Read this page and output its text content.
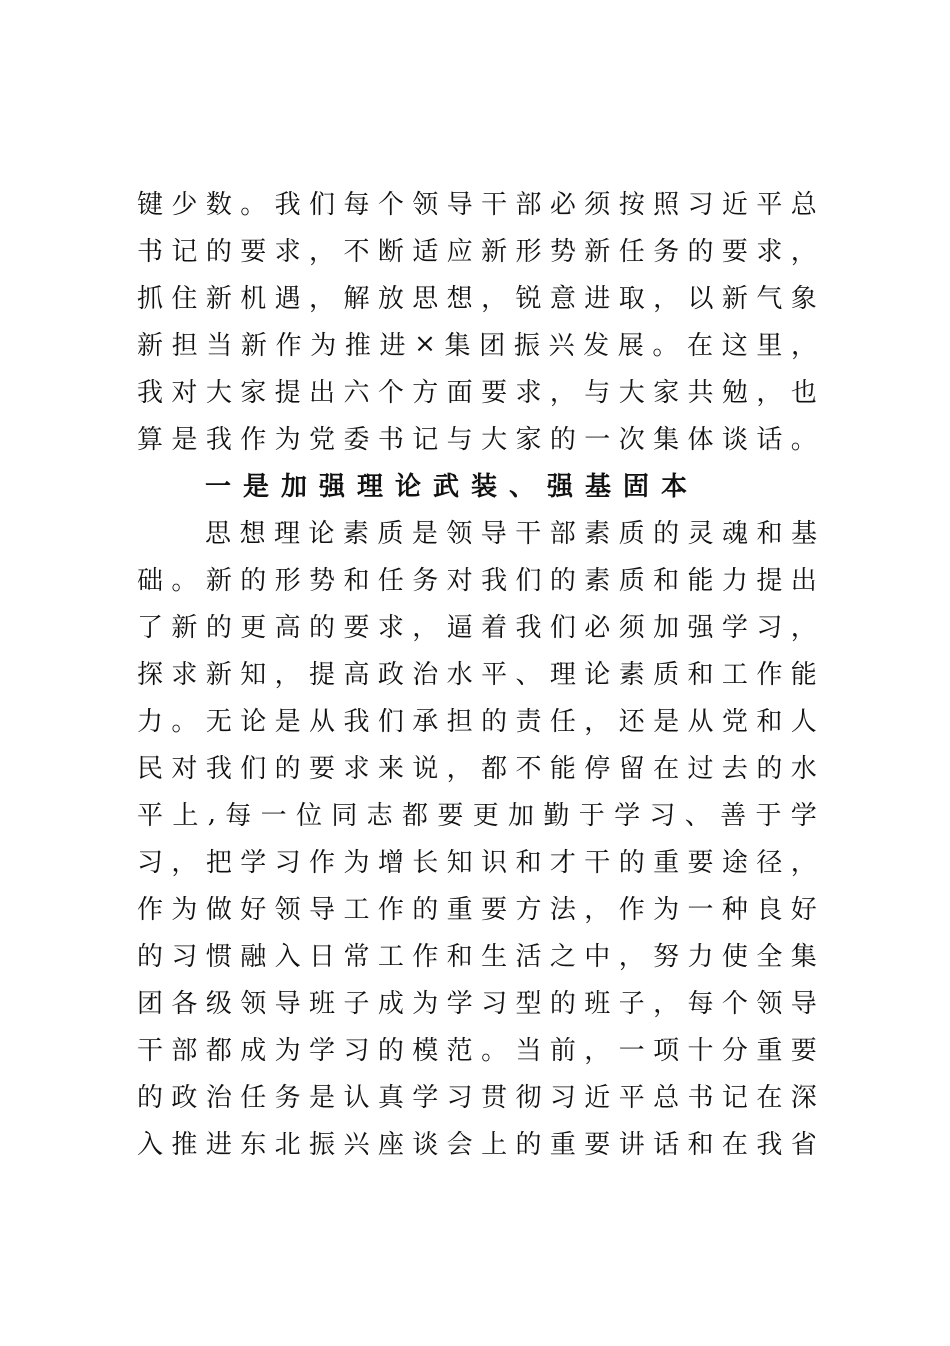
键 少 数 。 我 们 每 个 领 导 干 部 必 须 按 照 习 近 平 总
书 记 的 要 求 ， 不 断 适 应 新 形 势 新 任 务 的 要 求 ，
抓 住 新 机 遇 ， 解 放 思 想 ， 锐 意 进 取 ， 以 新 气 象
新 担 当 新 作 为 推 进 × 集 团 振 兴 发 展 。 在 这 里 ，
我 对 大 家 提 出 六 个 方 面 要 求 ， 与 大 家 共 勉 ， 也
算 是 我 作 为 党 委 书 记 与 大 家 的 一 次 集 体 谈 话 。
一是加强理论武装、强基固本
思 想 理 论 素 质 是 领 导 干 部 素 质 的 灵 魂 和 基
础 。 新 的 形 势 和 任 务 对 我 们 的 素 质 和 能 力 提 出
了 新 的 更 高 的 要 求 ， 逼 着 我 们 必 须 加 强 学 习 ，
探 求 新 知 ， 提 高 政 治 水 平 、 理 论 素 质 和 工 作 能
力 。 无 论 是 从 我 们 承 担 的 责 任 ， 还 是 从 党 和 人
民 对 我 们 的 要 求 来 说 ， 都 不 能 停 留 在 过 去 的 水
平 上 , 每 一 位 同 志 都 要 更 加 勤 于 学 习 、 善 于 学
习 ， 把 学 习 作 为 增 长 知 识 和 才 干 的 重 要 途 径 ，
作 为 做 好 领 导 工 作 的 重 要 方 法 ， 作 为 一 种 良 好
的 习 惯 融 入 日 常 工 作 和 生 活 之 中 ， 努 力 使 全 集
团 各 级 领 导 班 子 成 为 学 习 型 的 班 子 ， 每 个 领 导
干 部 都 成 为 学 习 的 模 范 。 当 前 ， 一 项 十 分 重 要
的 政 治 任 务 是 认 真 学 习 贯 彻 习 近 平 总 书 记 在 深
入 推 进 东 北 振 兴 座 谈 会 上 的 重 要 讲 话 和 在 我 省
